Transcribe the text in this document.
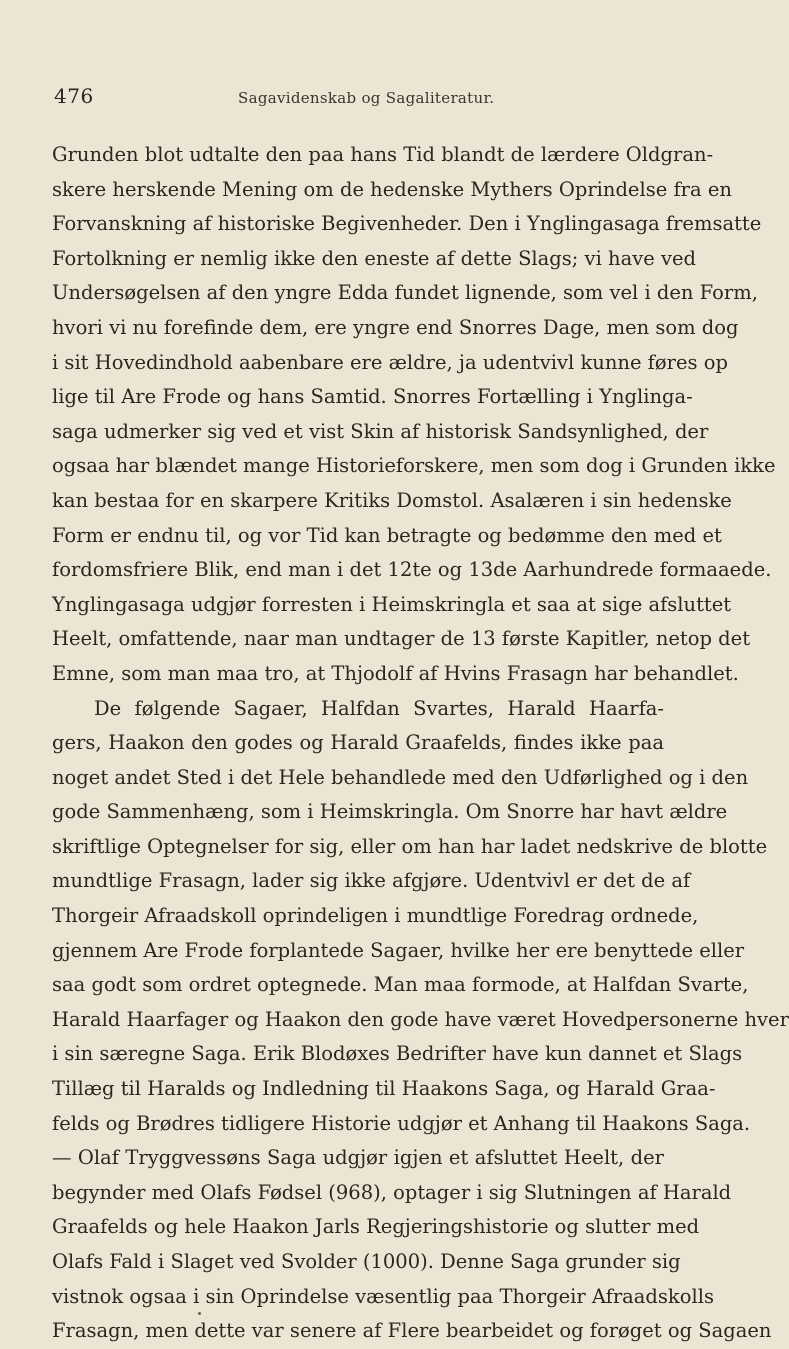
476	Sagavidenskab og Sagaliteratur.
Grunden blot udtalte den paa hans Tid blandt de lærdere Oldgran-
skere herskende Mening om de hedenske Mythers Oprindelse fra en
Forvanskning af historiske Begivenheder. Den i Ynglingasaga fremsatte
Fortolkning er nemlig ikke den eneste af dette Slags; vi have ved
Undersøgelsen af den yngre Edda fundet lignende, som vel i den Form,
hvori vi nu forefinde dem, ere yngre end Snorres Dage, men som dog
i sit Hovedindhold aabenbare ere ældre, ja udentvivl kunne føres op
lige til Are Frode og hans Samtid. Snorres Fortælling i Ynglinga-
saga udmerker sig ved et vist Skin af historisk Sandsynlighed, der
ogsaa har blændet mange Historieforskere, men som dog i Grunden ikke
kan bestaa for en skarpere Kritiks Domstol. Asalæren i sin hedenske
Form er endnu til, og vor Tid kan betragte og bedømme den med et
fordomsfriere Blik, end man i det 12te og 13de Aarhundrede formaaede.
Ynglingasaga udgjør forresten i Heimskringla et saa at sige afsluttet
Heelt, omfattende, naar man undtager de 13 første Kapitler, netop det
Emne, som man maa tro, at Thjodolf af Hvins Frasagn har behandlet.
De følgende Sagaer, Halfdan Svartes, Harald Haarfa-
gers, Haakon den godes og Harald Graafelds, findes ikke paa
noget andet Sted i det Hele behandlede med den Udførlighed og i den
gode Sammenhæng, som i Heimskringla. Om Snorre har havt ældre
skriftlige Optegnelser for sig, eller om han har ladet nedskrive de blotte
mundtlige Frasagn, lader sig ikke afgjøre. Udentvivl er det de af
Thorgeir Afraadskoll oprindeligen i mundtlige Foredrag ordnede,
gjennem Are Frode forplantede Sagaer, hvilke her ere benyttede eller
saa godt som ordret optegnede. Man maa formode, at Halfdan Svarte,
Harald Haarfager og Haakon den gode have været Hovedpersonerne hver
i sin særegne Saga. Erik Blodøxes Bedrifter have kun dannet et Slags
Tillæg til Haralds og Indledning til Haakons Saga, og Harald Graa-
felds og Brødres tidligere Historie udgjør et Anhang til Haakons Saga.
— Olaf Tryggvessøns Saga udgjør igjen et afsluttet Heelt, der
begynder med Olafs Fødsel (968), optager i sig Slutningen af Harald
Graafelds og hele Haakon Jarls Regjeringshistorie og slutter med
Olafs Fald i Slaget ved Svolder (1000). Denne Saga grunder sig
vistnok ogsaa i sin Oprindelse væsentlig paa Thorgeir Afraadskolls
Frasagn, men dette var senere af Flere bearbeidet og forøget og Sagaen
